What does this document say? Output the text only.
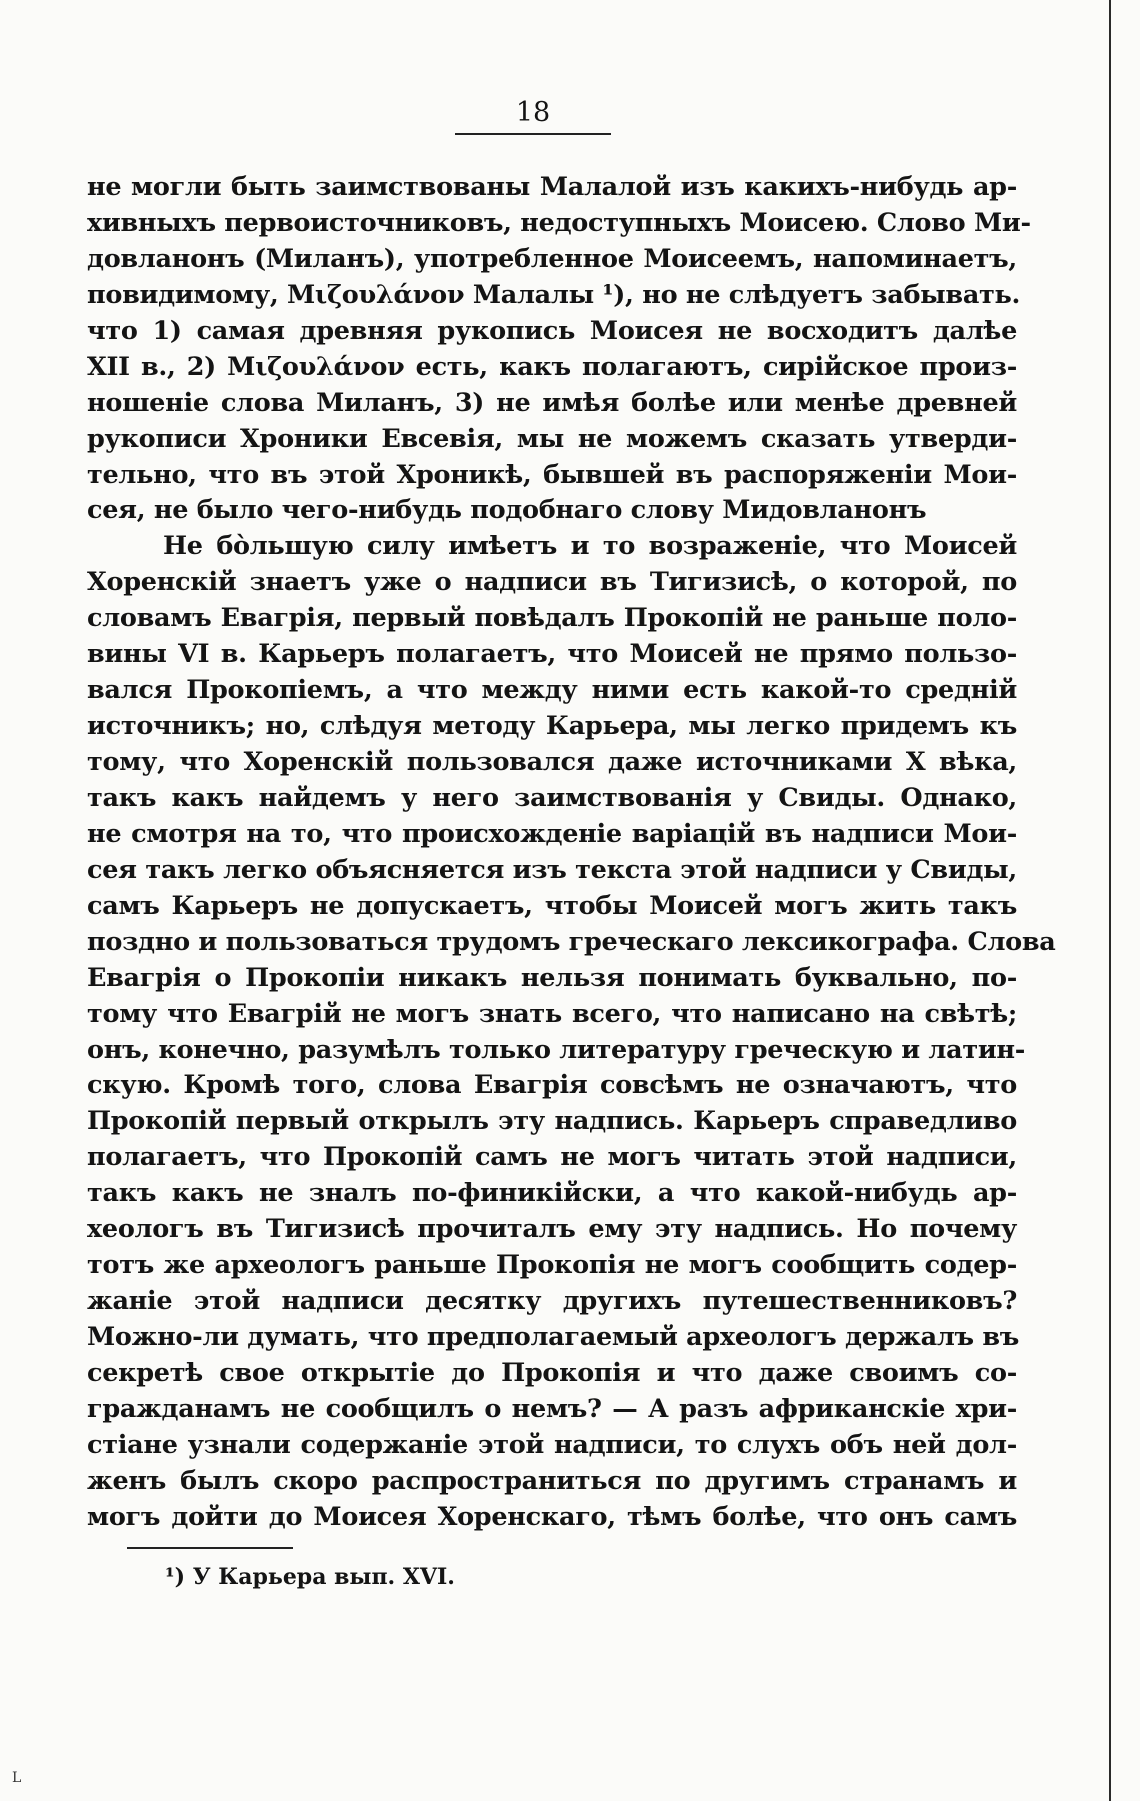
18
не могли быть заимствованы Малалой изъ какихъ-нибудь ар-
хивныхъ первоисточниковъ, недоступныхъ Моисею. Слово Ми-
довланонъ (Миланъ), употребленное Моисеемъ, напоминаетъ,
повидимому, Μιζουλάνον Малалы ¹), но не слѣдуетъ забывать.
что 1) самая древняя рукопись Моисея не восходитъ далѣе
XII в., 2) Μιζουλάνον есть, какъ полагаютъ, сирійское произ-
ношеніе слова Миланъ, 3) не имѣя болѣе или менѣе древней
рукописи Хроники Евсевія, мы не можемъ сказать утверди-
тельно, что въ этой Хроникѣ, бывшей въ распоряженіи Мои-
сея, не было чего-нибудь подобнаго слову Мидовланонъ
Не бо̀льшую силу имѣетъ и то возраженіе, что Моисей
Хоренскій знаетъ уже о надписи въ Тигизисѣ, о которой, по
словамъ Евагрія, первый повѣдалъ Прокопій не раньше поло-
вины VI в. Карьеръ полагаетъ, что Моисей не прямо пользо-
вался Прокопіемъ, а что между ними есть какой-то средній
источникъ; но, слѣдуя методу Карьера, мы легко придемъ къ
тому, что Хоренскій пользовался даже источниками X вѣка,
такъ какъ найдемъ у него заимствованія у Свиды. Однако,
не смотря на то, что происхожденіе варіацій въ надписи Мои-
сея такъ легко объясняется изъ текста этой надписи у Свиды,
самъ Карьеръ не допускаетъ, чтобы Моисей могъ жить такъ
поздно и пользоваться трудомъ греческаго лексикографа. Слова
Евагрія о Прокопіи никакъ нельзя понимать буквально, по-
тому что Евагрій не могъ знать всего, что написано на свѣтѣ;
онъ, конечно, разумѣлъ только литературу греческую и латин-
скую. Кромѣ того, слова Евагрія совсѣмъ не означаютъ, что
Прокопій первый открылъ эту надпись. Карьеръ справедливо
полагаетъ, что Прокопій самъ не могъ читать этой надписи,
такъ какъ не зналъ по-финикійски, а что какой-нибудь ар-
хеологъ въ Тигизисѣ прочиталъ ему эту надпись. Но почему
тотъ же археологъ раньше Прокопія не могъ сообщить содер-
жаніе этой надписи десятку другихъ путешественниковъ?
Можно-ли думать, что предполагаемый археологъ держалъ въ
секретѣ свое открытіе до Прокопія и что даже своимъ со-
гражданамъ не сообщилъ о немъ? — А разъ африканскіе хри-
стіане узнали содержаніе этой надписи, то слухъ объ ней дол-
женъ былъ скоро распространиться по другимъ странамъ и
могъ дойти до Моисея Хоренскаго, тѣмъ болѣе, что онъ самъ
¹) У Карьера вып. XVI.
L
